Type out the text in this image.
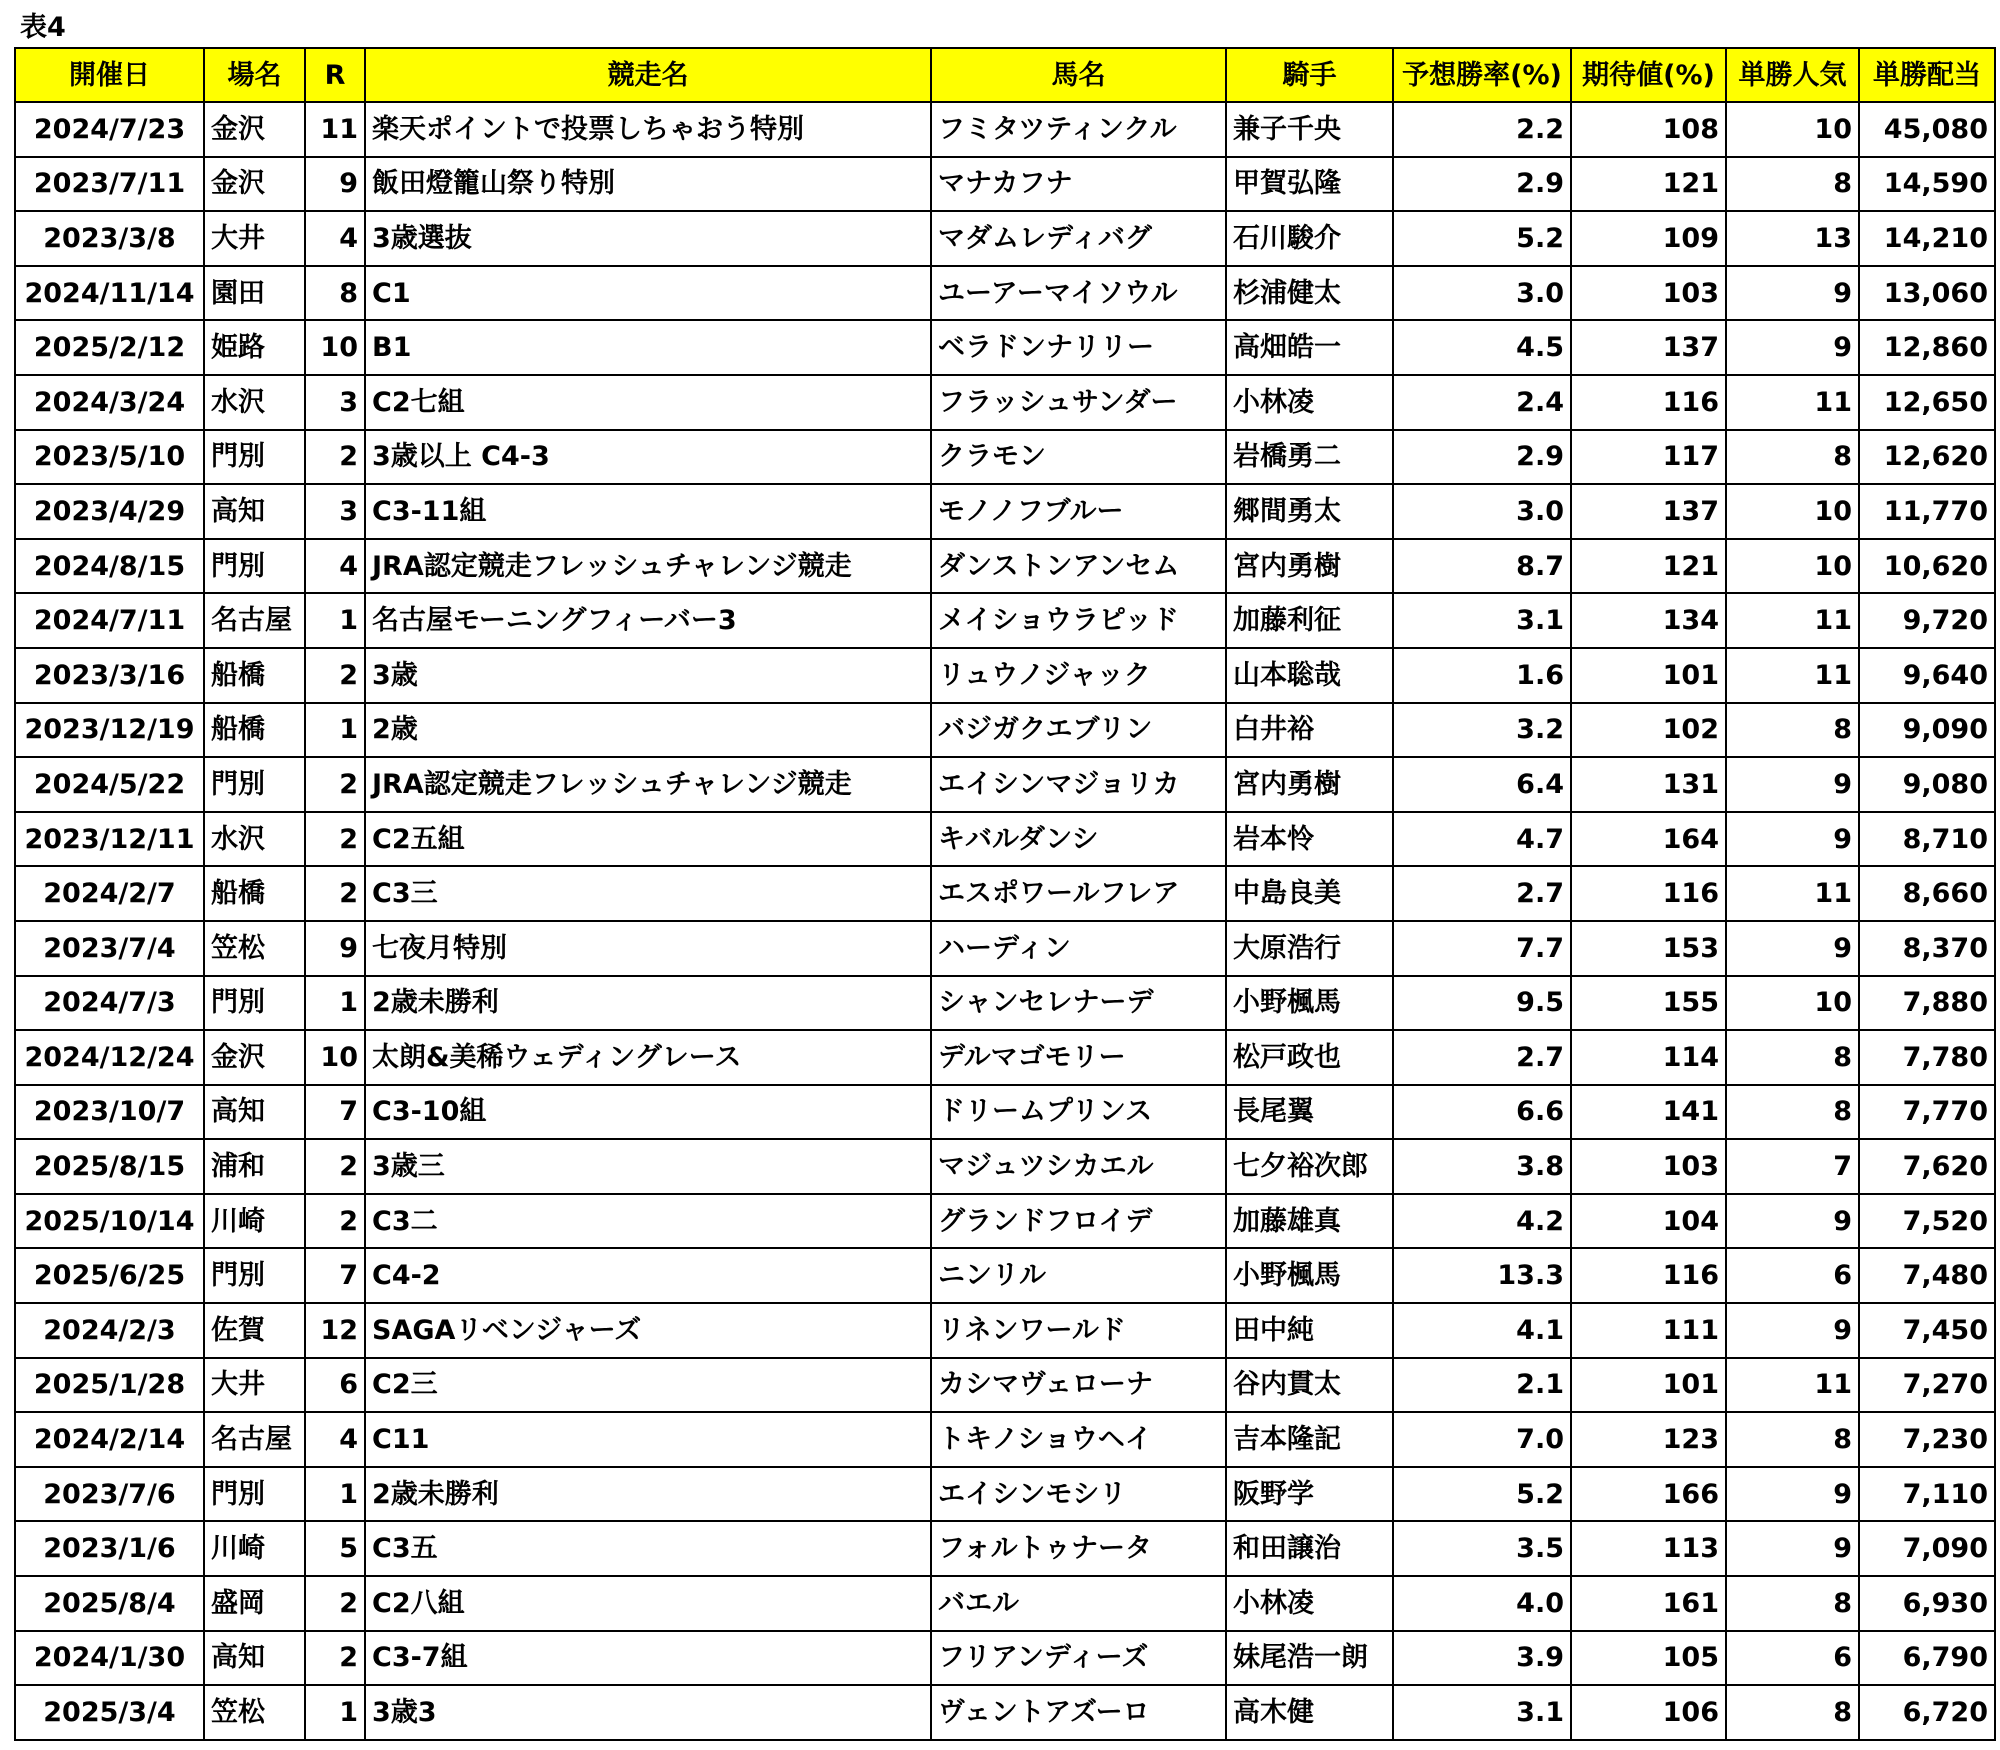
表4
開催日	場名	R	競走名	馬名	騎手	予想勝率(%)	期待値(%)	単勝人気	単勝配当
2024/7/23	金沢	11	楽天ポイントで投票しちゃおう特別	フミタツティンクル	兼子千央	2.2	108	10	45,080
2023/7/11	金沢	9	飯田燈籠山祭り特別	マナカフナ	甲賀弘隆	2.9	121	8	14,590
2023/3/8	大井	4	3歳選抜	マダムレディバグ	石川駿介	5.2	109	13	14,210
2024/11/14	園田	8	C1	ユーアーマイソウル	杉浦健太	3.0	103	9	13,060
2025/2/12	姫路	10	B1	ベラドンナリリー	高畑皓一	4.5	137	9	12,860
2024/3/24	水沢	3	C2七組	フラッシュサンダー	小林凌	2.4	116	11	12,650
2023/5/10	門別	2	3歳以上 C4-3	クラモン	岩橋勇二	2.9	117	8	12,620
2023/4/29	高知	3	C3-11組	モノノフブルー	郷間勇太	3.0	137	10	11,770
2024/8/15	門別	4	JRA認定競走フレッシュチャレンジ競走	ダンストンアンセム	宮内勇樹	8.7	121	10	10,620
2024/7/11	名古屋	1	名古屋モーニングフィーバー3	メイショウラピッド	加藤利征	3.1	134	11	9,720
2023/3/16	船橋	2	3歳	リュウノジャック	山本聡哉	1.6	101	11	9,640
2023/12/19	船橋	1	2歳	バジガクエブリン	白井裕	3.2	102	8	9,090
2024/5/22	門別	2	JRA認定競走フレッシュチャレンジ競走	エイシンマジョリカ	宮内勇樹	6.4	131	9	9,080
2023/12/11	水沢	2	C2五組	キバルダンシ	岩本怜	4.7	164	9	8,710
2024/2/7	船橋	2	C3三	エスポワールフレア	中島良美	2.7	116	11	8,660
2023/7/4	笠松	9	七夜月特別	ハーディン	大原浩行	7.7	153	9	8,370
2024/7/3	門別	1	2歳未勝利	シャンセレナーデ	小野楓馬	9.5	155	10	7,880
2024/12/24	金沢	10	太朗&美稀ウェディングレース	デルマゴモリー	松戸政也	2.7	114	8	7,780
2023/10/7	高知	7	C3-10組	ドリームプリンス	長尾翼	6.6	141	8	7,770
2025/8/15	浦和	2	3歳三	マジュツシカエル	七夕裕次郎	3.8	103	7	7,620
2025/10/14	川崎	2	C3二	グランドフロイデ	加藤雄真	4.2	104	9	7,520
2025/6/25	門別	7	C4-2	ニンリル	小野楓馬	13.3	116	6	7,480
2024/2/3	佐賀	12	SAGAリベンジャーズ	リネンワールド	田中純	4.1	111	9	7,450
2025/1/28	大井	6	C2三	カシマヴェローナ	谷内貫太	2.1	101	11	7,270
2024/2/14	名古屋	4	C11	トキノショウヘイ	吉本隆記	7.0	123	8	7,230
2023/7/6	門別	1	2歳未勝利	エイシンモシリ	阪野学	5.2	166	9	7,110
2023/1/6	川崎	5	C3五	フォルトゥナータ	和田譲治	3.5	113	9	7,090
2025/8/4	盛岡	2	C2八組	バエル	小林凌	4.0	161	8	6,930
2024/1/30	高知	2	C3-7組	フリアンディーズ	妹尾浩一朗	3.9	105	6	6,790
2025/3/4	笠松	1	3歳3	ヴェントアズーロ	高木健	3.1	106	8	6,720
